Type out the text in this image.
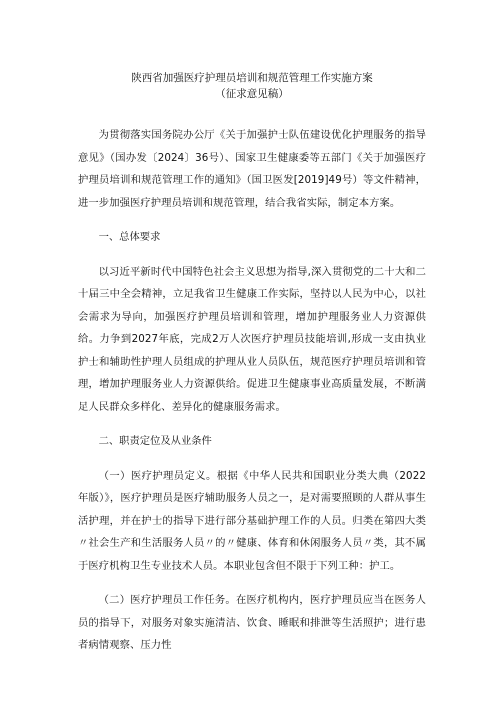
陕西省加强医疗护理员培训和规范管理工作实施方案

（征求意见稿）

为贯彻落实国务院办公厅《关于加强护士队伍建设优化护理服务的指导意见》（国办发〔2024〕36号）、国家卫生健康委等五部门《关于加强医疗护理员培训和规范管理工作的通知》（国卫医发[2019]49号）等文件精神，进一步加强医疗护理员培训和规范管理，结合我省实际，制定本方案。

一、总体要求

以习近平新时代中国特色社会主义思想为指导,深入贯彻党的二十大和二十届三中全会精神，立足我省卫生健康工作实际，坚持以人民为中心，以社会需求为导向，加强医疗护理员培训和管理，增加护理服务业人力资源供给。力争到2027年底，完成2万人次医疗护理员技能培训,形成一支由执业护士和辅助性护理人员组成的护理从业人员队伍，规范医疗护理员培训和管理，增加护理服务业人力资源供给。促进卫生健康事业高质量发展，不断满足人民群众多样化、差异化的健康服务需求。

二、职责定位及从业条件

（一）医疗护理员定义。根据《中华人民共和国职业分类大典（2022年版）》，医疗护理员是医疗辅助服务人员之一，是对需要照顾的人群从事生活护理，并在护士的指导下进行部分基础护理工作的人员。归类在第四大类〃社会生产和生活服务人员〃的〃健康、体育和休闲服务人员〃类，其不属于医疗机构卫生专业技术人员。本职业包含但不限于下列工种：护工。

（二）医疗护理员工作任务。在医疗机构内，医疗护理员应当在医务人员的指导下，对服务对象实施清洁、饮食、睡眠和排泄等生活照护；进行患者病情观察、压力性
